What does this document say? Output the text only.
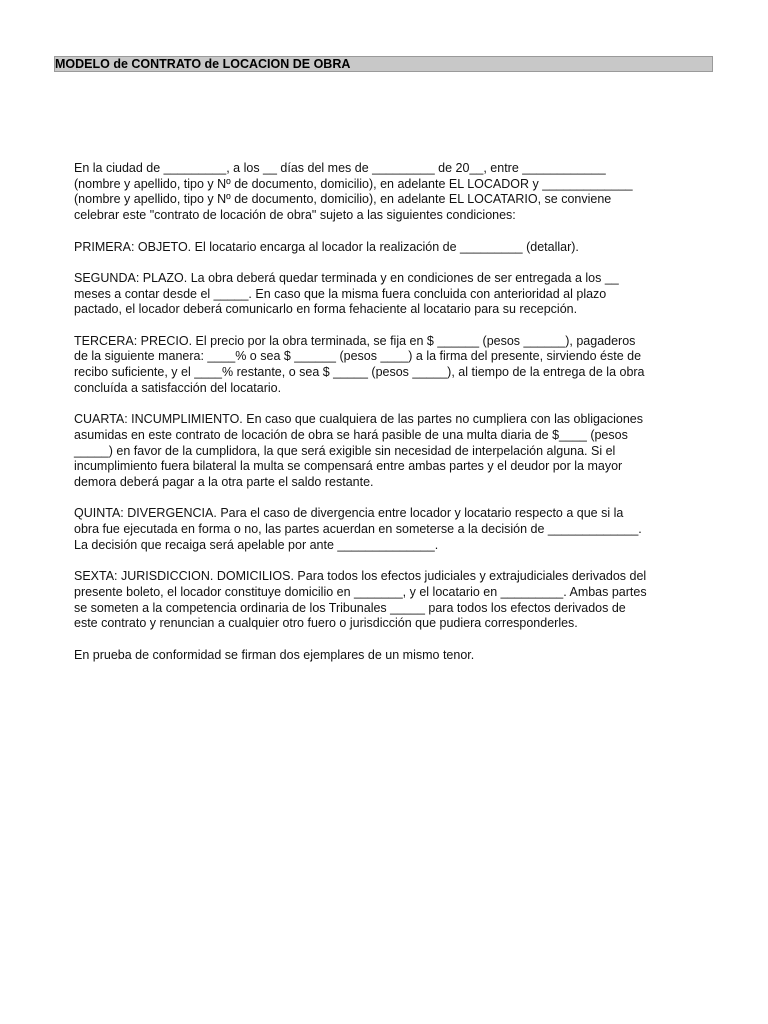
MODELO de CONTRATO de LOCACION DE OBRA

En la ciudad de _________, a los __ días del mes de _________ de 20__, entre ____________
(nombre y apellido, tipo y Nº de documento, domicilio), en adelante EL LOCADOR y _____________
(nombre y apellido, tipo y Nº de documento, domicilio), en adelante EL LOCATARIO, se conviene
celebrar este "contrato de locación de obra" sujeto a las siguientes condiciones:

PRIMERA: OBJETO. El locatario encarga al locador la realización de _________ (detallar).

SEGUNDA: PLAZO. La obra deberá quedar terminada y en condiciones de ser entregada a los __
meses a contar desde el _____. En caso que la misma fuera concluida con anterioridad al plazo
pactado, el locador deberá comunicarlo en forma fehaciente al locatario para su recepción.

TERCERA: PRECIO. El precio por la obra terminada, se fija en $ ______ (pesos ______), pagaderos
de la siguiente manera: ____% o sea $ ______ (pesos ____) a la firma del presente, sirviendo éste de
recibo suficiente, y el ____% restante, o sea $ _____ (pesos _____), al tiempo de la entrega de la obra
concluída a satisfacción del locatario.

CUARTA: INCUMPLIMIENTO. En caso que cualquiera de las partes no cumpliera con las obligaciones
asumidas en este contrato de locación de obra se hará pasible de una multa diaria de $____ (pesos
_____) en favor de la cumplidora, la que será exigible sin necesidad de interpelación alguna. Si el
incumplimiento fuera bilateral la multa se compensará entre ambas partes y el deudor por la mayor
demora deberá pagar a la otra parte el saldo restante.

QUINTA: DIVERGENCIA. Para el caso de divergencia entre locador y locatario respecto a que si la
obra fue ejecutada en forma o no, las partes acuerdan en someterse a la decisión de _____________.
La decisión que recaiga será apelable por ante ______________.

SEXTA: JURISDICCION. DOMICILIOS. Para todos los efectos judiciales y extrajudiciales derivados del
presente boleto, el locador constituye domicilio en _______, y el locatario en _________. Ambas partes
se someten a la competencia ordinaria de los Tribunales _____ para todos los efectos derivados de
este contrato y renuncian a cualquier otro fuero o jurisdicción que pudiera corresponderles.

En prueba de conformidad se firman dos ejemplares de un mismo tenor.
